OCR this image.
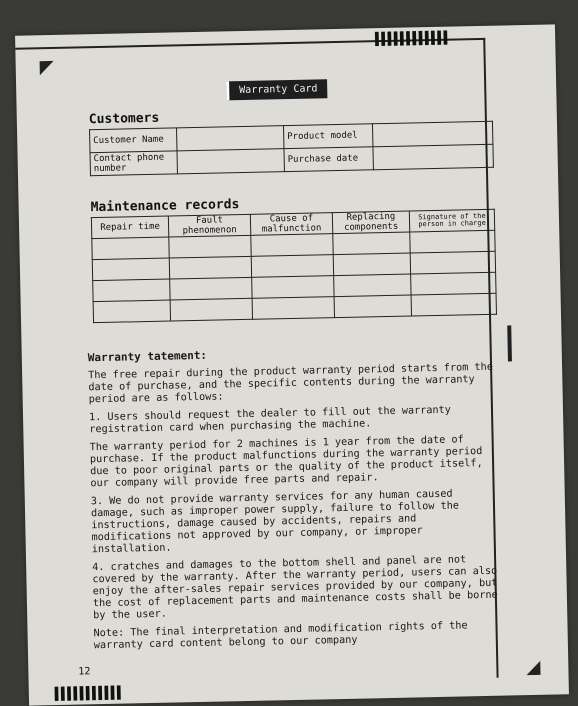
▌▌▌▌▌▌▌▌▌▌▌▌
Warranty Card
Customers
Customer Name		Product model	
Contact phone number		Purchase date	
Maintenance records
Repair time	Fault phenomenon	Cause of malfunction	Replacing components	Signature of the person in charge

Warranty tatement:

The free repair during the product warranty period starts from the date of purchase, and the specific contents during the warranty period are as follows:

1. Users should request the dealer to fill out the warranty registration card when purchasing the machine.

The warranty period for 2 machines is 1 year from the date of purchase. If the product malfunctions during the warranty period due to poor original parts or the quality of the product itself, our company will provide free parts and repair.

3. We do not provide warranty services for any human caused damage, such as improper power supply, failure to follow the instructions, damage caused by accidents, repairs and modifications not approved by our company, or improper installation.

4. cratches and damages to the bottom shell and panel are not covered by the warranty. After the warranty period, users can also enjoy the after-sales repair services provided by our company, but the cost of replacement parts and maintenance costs shall be borne by the user.

Note: The final interpretation and modification rights of the warranty card content belong to our company

12
▌▌▌▌▌▌▌▌▌▌▌
